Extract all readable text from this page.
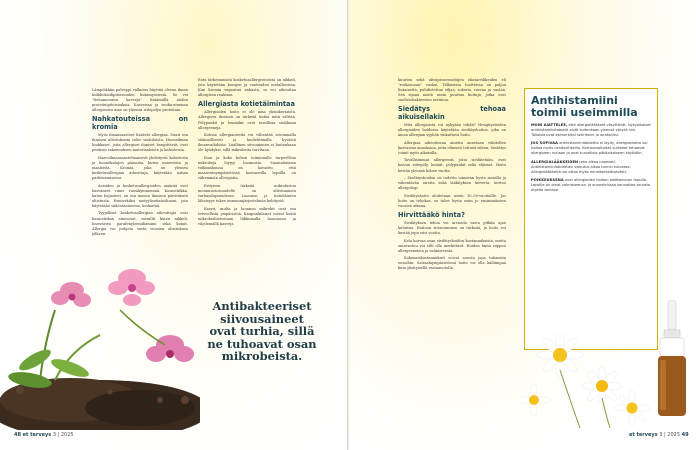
Lämpöikkiin palveppi valkutus häyttää olevan ilman hiilidioksidipitoisuuden lisäämyssiestä. Se voi "tiehanneansa kaveeja" lisäämällä niiden proteiinipitoisuuksia. Kasveissa ja ruoka-aineissa allergisoiva aine on yleensä siitepölyn proteiinia.

Nahkatouteissa on kromia

Myös ilmansaasteet lisäävät allergiaa. Suuri osa ihmisen altistuksista tulee sisätiloista. Huoneilman hiukkaset, joita allergiset ihmiset hengittävät, ovat peräisin rakennuksen materiaaleista ja kalusteista.

Haavoilmansaastelmaisesti yhdistyvät kalustosta ja huonekalujen pinnasta, kuten muoveista ja maaleista. Kromia, joka on yleinen kosketusallergian aiheuttaja, käytetään nahan parkitsemisessa.

Asioiden ja kosketusallergioiden määrää ovat kasvaneet viime vuosikymmeninä. Kosmetiikka, kuten hajusteet, on osa monen ihmisen päivittäistä altistusta. Esimerkiksi metyylisotiatsolinoni, jota käytetään säilöntäaineena, herkistää.

Tyypillisiä kosketusallergian aiheuttajia ovat kosmetiikan ainesosat, metallit kuten nikkeli, hiusvärien parafenyleenidiamiini sekä kumit. Allergia voi puhjeta vasta vuosien altistuksen jälkeen.

Eräs tärkeimmistä kosketusallergeeneista on nikkeli, jota käytetään korujen ja vaatteiden metalliosissa. Kun kromia vapautuu nahasta, se voi aiheuttaa allergisen reaktion.

Allergiasta kotietäimintaa

Allergioiden hoito ei ole aina yksinkertaista. Allergisen ihmisen on tärkeää tietää mitä välttää. Pölypunkit ja lemmikit ovat tavallisia sisäilman allergeeneja.

Kotona allergiaoireita voi vähentää siivoamalla säännöllisesti ja huolehtimalla hyvästä ilmanvaihdosta. Liiallinen siivoaminen ei kuitenkaan ole hyödyksi, sillä mikrobeita tarvitaan.

Ihon ja koko kehon toiminnalle tarpeellisia mikrobeja löytyy luonnosta. Suomalaisissa tutkimuksissa on havaittu, että maaseutuympäristössä kasvaneilla lapsilla on vähemmän allergioita.

Erityisen tärkeää mikrobiston monimuotoisuudelle on altistuminen varhaislapsuudessa. Luonnon ja kotieläinten läheisyys tukee immuunijärjestelmän kehitystä.

Kasvit, multa ja luonnon mikrobit ovat osa terveellistä ympäristöä. Kaupunkilaiset voivat lisätä mikrobialtistustaan liikkumalla luonnossa ja viljelemällä kasveja.

Antibakteeriset siivousaineet ovat turhia, sillä ne tuhoavat osan mikrobeista.
48 et terveys 3 | 2025

kuurien sekä ultraprosessoitujen elintarvikkeiden eli "roskaruoan" vuoksi. Tällaisissa tuotteissa on paljon lisäaineita, puhdistettua viljaa, sokeria, rasvaa ja suolaa. Sen sijaan niistä usein puuttuu kuituja, jotka ovat suolistobakteerien ravintoa.

Siedätys tehoaa aikuisellakin

Mitä allergioista voi nykyään tehdä? Hengitysteiden allergioiden hoidossa käytetään siedätyshoitoa, joka on ainoa allergian syyhön vaikuttava hoito.

Allergiaa aiheuttavaa ainetta annetaan vähitellen kasvavina annoksina, jotta elimistö tottuisi siihen. Siedätys toimii myös aikuisilla.

Tavallisimmat allergeenit, joita siedätetään, ovat koivun siitepöly, heinät, pölypunkit sekä eläimet. Hoito kestää yleensä kolme vuotta.

– Siedätyshoidon on todettu toimivan hyvin monilla ja vähentävän oireita sekä lääkityksen tarvetta, kertoo allergologi.

Siedätyshoito aloitetaan usein 10–50-vuotiaille. Jos hoito on tehokas, se tulee hyvin esiin jo ensimmäisten vuosien aikana.

Hirvittääkö hinta?

Siedätyksen tehoa voi arvioida vasta pitkän ajan kuluttua. Hoitoon sitoutuminen on tärkeää, ja hoito voi kestää jopa viisi vuotta.

Kela korvaa osan siedätyshoidon kustannuksista, mutta omavastuu voi silti olla merkittävä. Hoidon hinta riippuu allergeeneista ja valmisteesta.

Kokonaiskustannukset voivat nousta jopa tuhansiin euroihin. Sairaalaympäristössä hoito voi olla kalliimpaa kuin yksityisellä vastaanotolla.

et terveys 3 | 2025 49
Antihistamiini toimii useimmilla

MONI AIATTELEE, että allergialääkkeet väsyttävät. Nykyaikaiset antihistamiinitabletit eivät kuitenkaan yleensä väsytä niin. Tällaisia ovat esimerkiksi setiritsiini ja loratadiini.

JOS SOPIVAA antihistamiinitablettia ei löydy, allergiaoireita voi hoitaa myös nenäsuihkeilla. Kortisonipitoiset suihkeet tehoavat allergiseen nuhaan ja ovat turvallisia pitkäaikaiseen käyttöön.

ALLERGIALÄÄKKEIDEN teho alkaa nopeasti. Antihistamiinitablettien vaikutus alkaa tunnin kuluessa. Allergialääkkeitä voi ottaa myös ennaltaehkäisevästi.

POIKKEUKSENA ovat allergioiden hoidon aloittaminen lapsilla. Lapsille on omat valmisteensa, ja annostelussa kannattaa seurata ohjeita tarkasti.
